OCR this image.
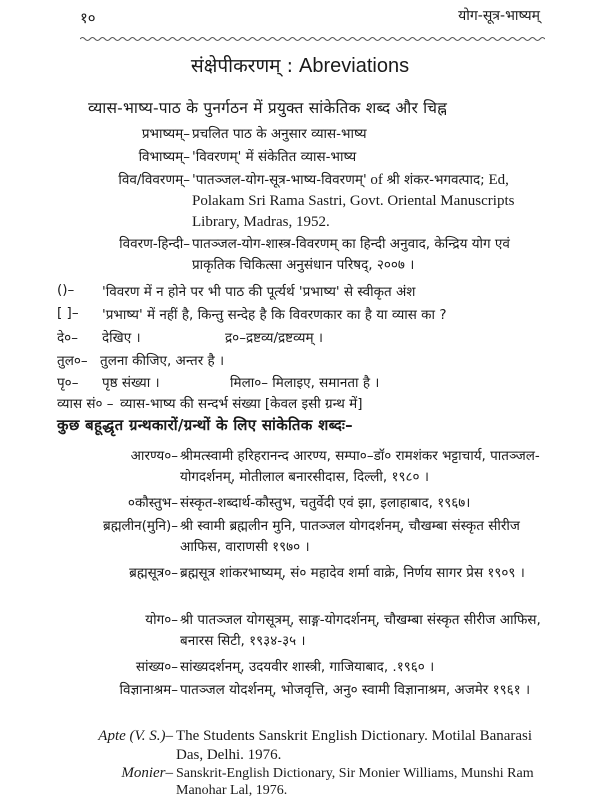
१०	योग-सूत्र-भाष्यम्
संक्षेपीकरणम् : Abreviations
व्यास-भाष्य-पाठ के पुनर्गठन में प्रयुक्त सांकेतिक शब्द और चिह्न
प्रभाष्यम्– प्रचलित पाठ के अनुसार व्यास-भाष्य
विभाष्यम्– 'विवरणम्' में संकेतित व्यास-भाष्य
विव/विवरणम्– 'पातञ्जल-योग-सूत्र-भाष्य-विवरणम्' of श्री शंकर-भगवत्पाद; Ed, Polakam Sri Rama Sastri, Govt. Oriental Manuscripts Library, Madras, 1952.
विवरण-हिन्दी– पातञ्जल-योग-शास्त्र-विवरणम् का हिन्दी अनुवाद, केन्द्रिय योग एवं प्राकृतिक चिकित्सा अनुसंधान परिषद्, २००७ ।
()– 'विवरण में न होने पर भी पाठ की पूर्त्यर्थ 'प्रभाष्य' से स्वीकृत अंश
[ ]– 'प्रभाष्य' में नहीं है, किन्तु सन्देह है कि विवरणकार का है या व्यास का ?
दे०– देखिए ।	द्र०–द्रष्टव्य/द्रष्टव्यम् ।
तुल०– तुलना कीजिए, अन्तर है ।
पृ०– पृष्ठ संख्या ।	मिला०– मिलाइए, समानता है ।
व्यास सं० – व्यास-भाष्य की सन्दर्भ संख्या [केवल इसी ग्रन्थ में]
कुछ बहूद्धृत ग्रन्थकारों/ग्रन्थों के लिए सांकेतिक शब्दः–
आरण्य०– श्रीमत्स्वामी हरिहरानन्द आरण्य, सम्पा०–डॉ० रामशंकर भट्टाचार्य, पातञ्जल-योगदर्शनम्, मोतीलाल बनारसीदास, दिल्ली, १९८० ।
०कौस्तुभ– संस्कृत-शब्दार्थ-कौस्तुभ, चतुर्वेदी एवं झा, इलाहाबाद, १९६७।
ब्रह्मलीन(मुनि)– श्री स्वामी ब्रह्मलीन मुनि, पातञ्जल योगदर्शनम्, चौखम्बा संस्कृत सीरीज आफिस, वाराणसी १९७० ।
ब्रह्मसूत्र०– ब्रह्मसूत्र शांकरभाष्यम्, सं० महादेव शर्मा वाक्रे, निर्णय सागर प्रेस १९०९ ।
योग०– श्री पातञ्जल योगसूत्रम्, साङ्ग-योगदर्शनम्, चौखम्बा संस्कृत सीरीज आफिस, बनारस सिटी, १९३४-३५ ।
सांख्य०– सांख्यदर्शनम्, उदयवीर शास्त्री, गाजियाबाद, .१९६० ।
विज्ञानाश्रम– पातञ्जल योदर्शनम्, भोजवृत्ति, अनु० स्वामी विज्ञानाश्रम, अजमेर १९६१ ।
Apte (V. S.)– The Students Sanskrit English Dictionary. Motilal Banarasi Das, Delhi. 1976.
Monier– Sanskrit-English Dictionary, Sir Monier Williams, Munshi Ram Manohar Lal, 1976.
